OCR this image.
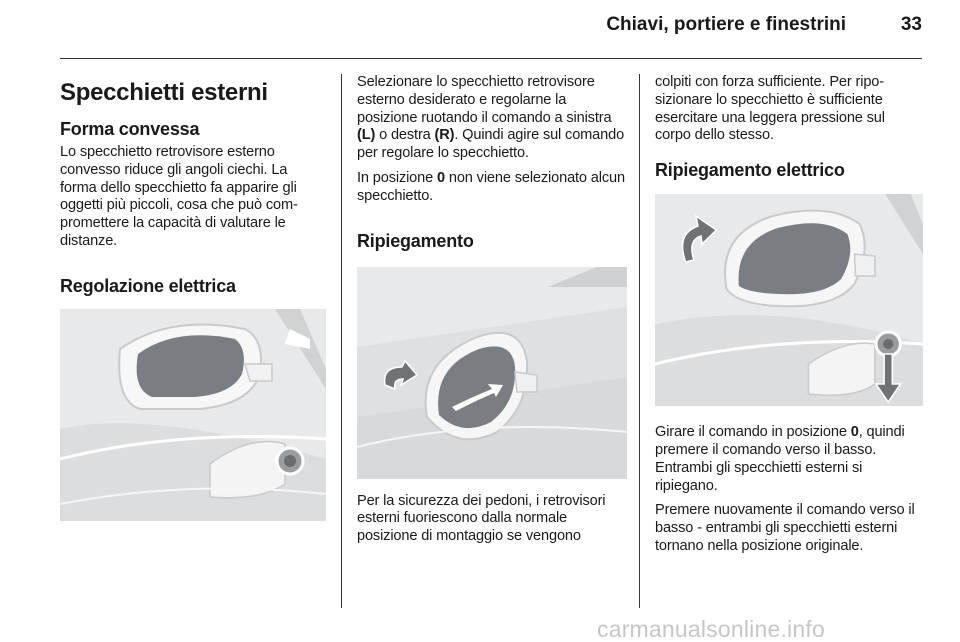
Chiavi, portiere e finestrini	33
Specchietti esterni
Forma convessa

Lo specchietto retrovisore esterno convesso riduce gli angoli ciechi. La forma dello specchietto fa apparire gli oggetti più piccoli, cosa che può compromettere la capacità di valutare le distanze.

Regolazione elettrica

Selezionare lo specchietto retrovisore esterno desiderato e regolarne la posizione ruotando il comando a sinistra (L) o destra (R). Quindi agire sul comando per regolare lo specchietto.

In posizione 0 non viene selezionato alcun specchietto.

Ripiegamento

Per la sicurezza dei pedoni, i retrovisori esterni fuoriescono dalla normale posizione di montaggio se vengono

colpiti con forza sufficiente. Per riposizionare lo specchietto è sufficiente esercitare una leggera pressione sul corpo dello stesso.

Ripiegamento elettrico

Girare il comando in posizione 0, quindi premere il comando verso il basso. Entrambi gli specchietti esterni si ripiegano.

Premere nuovamente il comando verso il basso - entrambi gli specchietti esterni tornano nella posizione originale.

carmanualsonline.info
